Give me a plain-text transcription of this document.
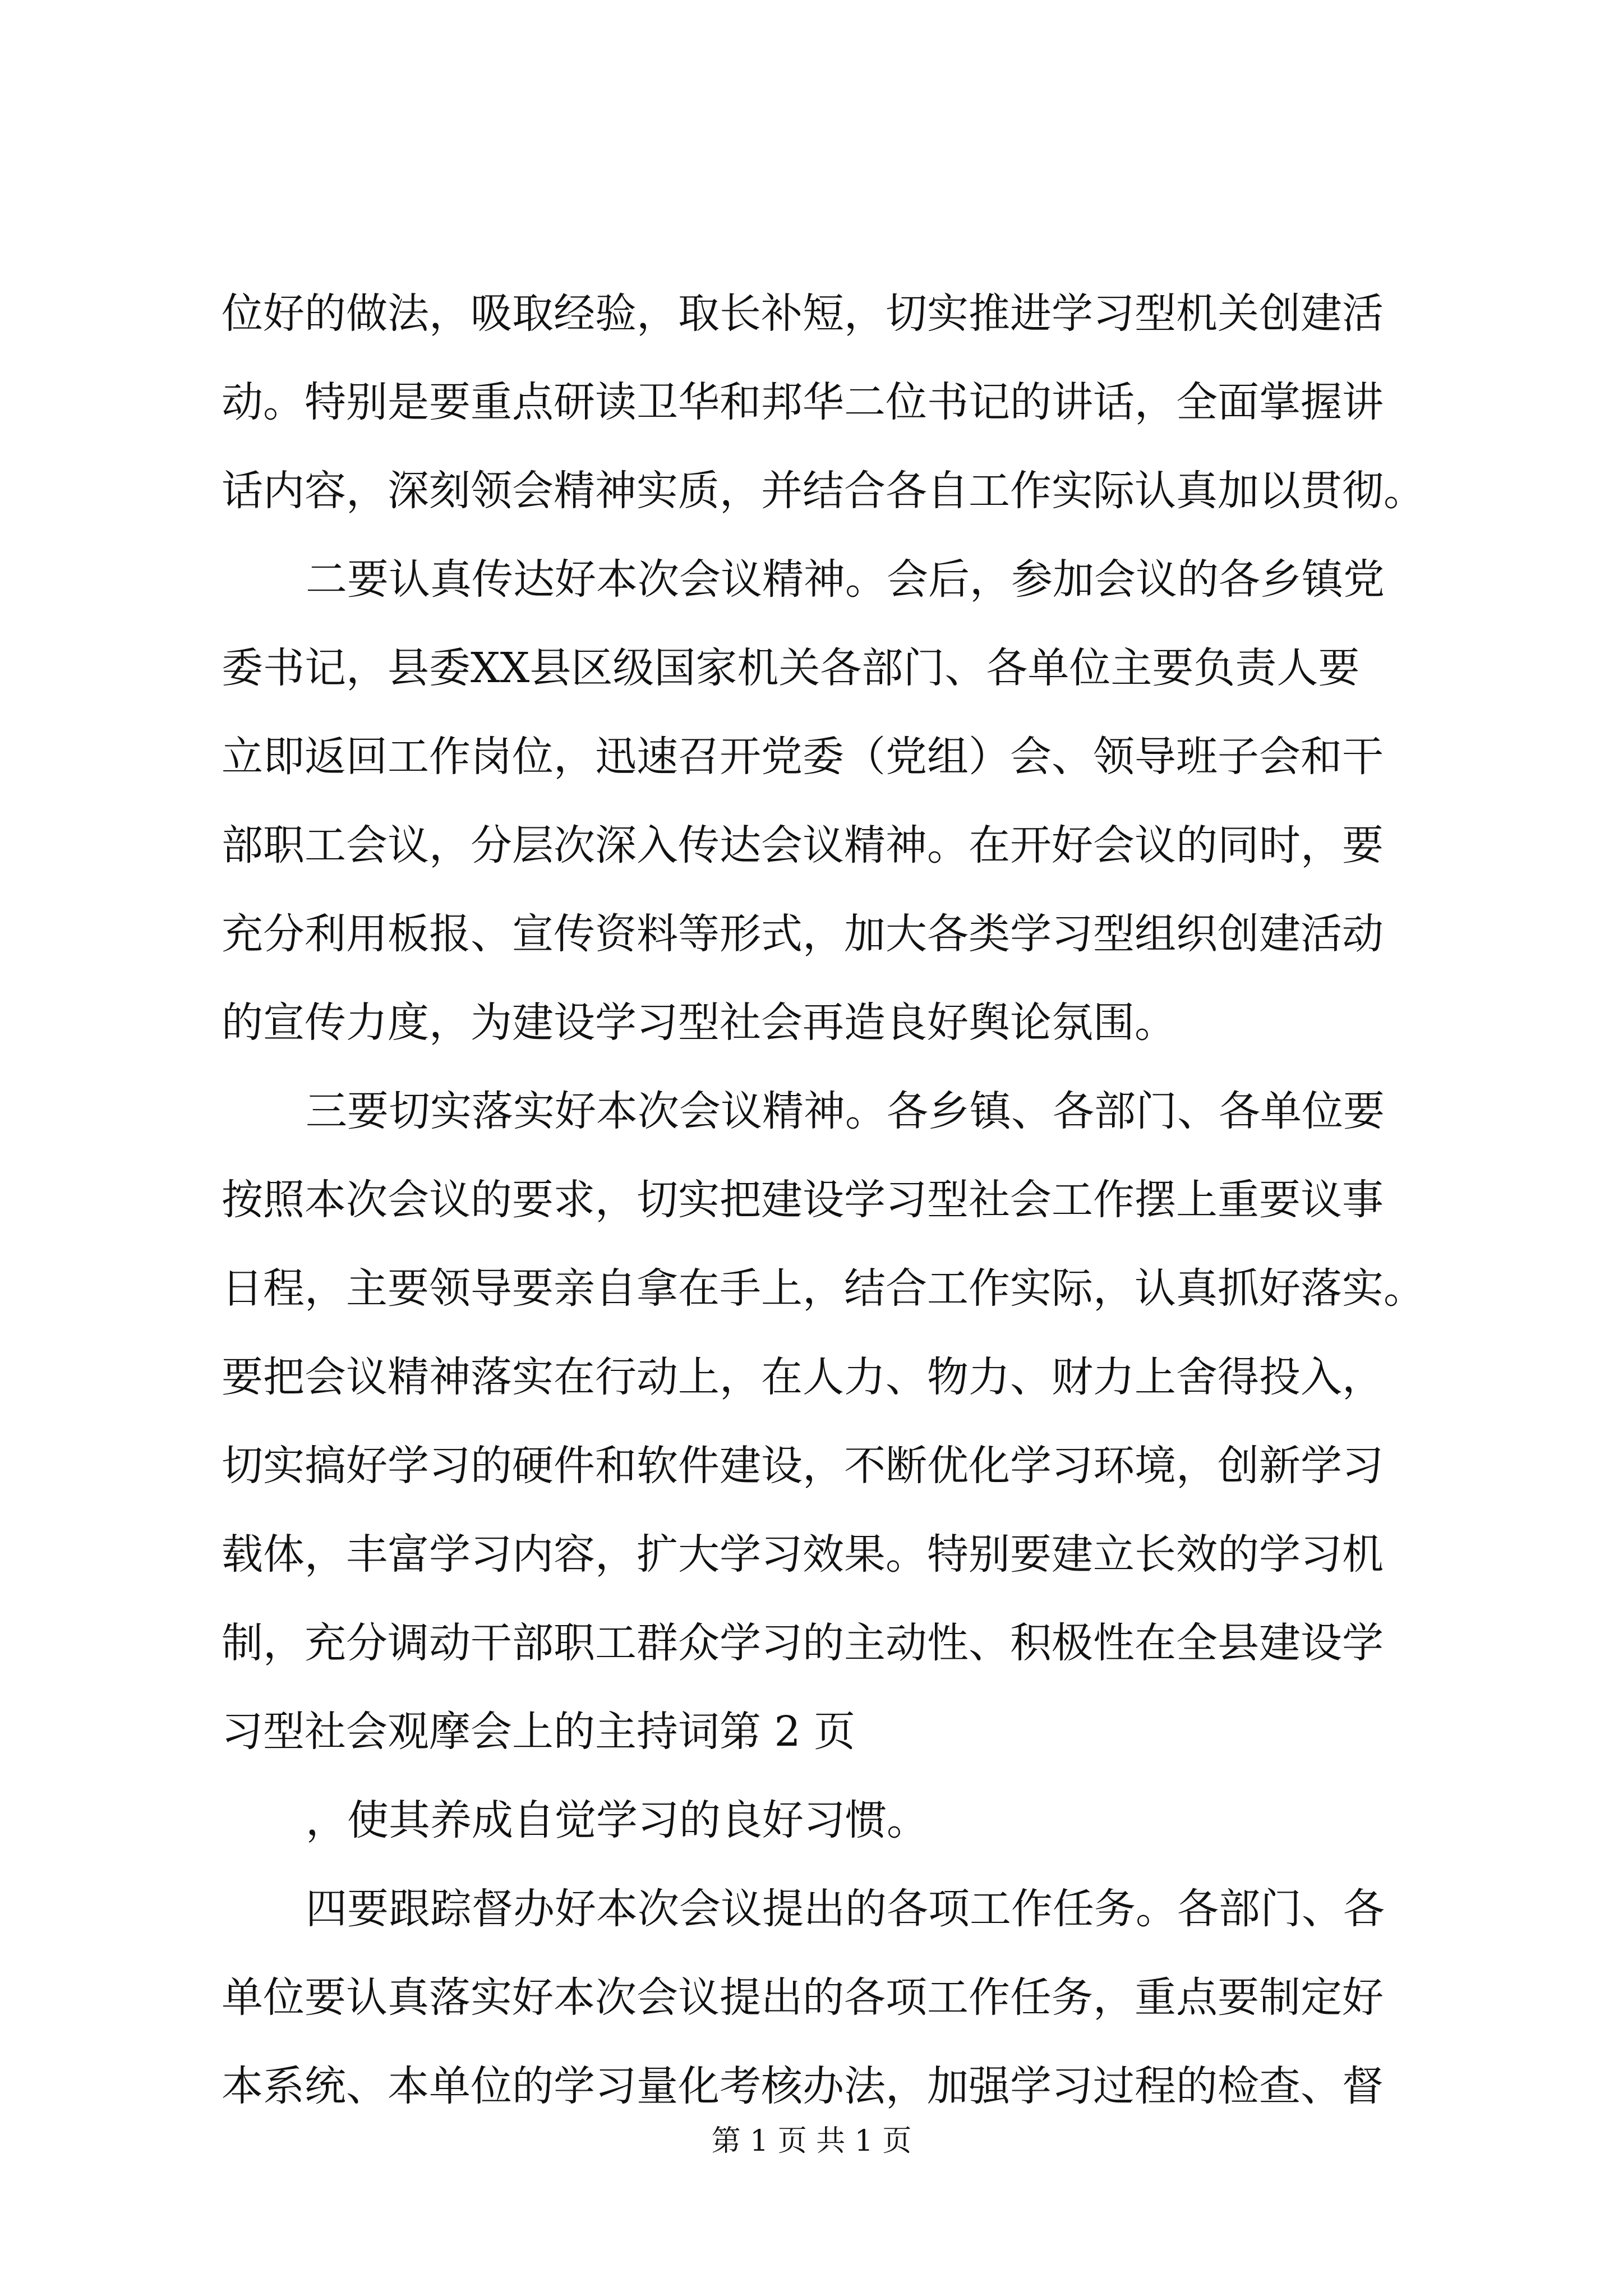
位好的做法，吸取经验，取长补短，切实推进学习型机关创建活
动。特别是要重点研读卫华和邦华二位书记的讲话，全面掌握讲
话内容，深刻领会精神实质，并结合各自工作实际认真加以贯彻。
二要认真传达好本次会议精神。会后，参加会议的各乡镇党
委书记，县委XX县区级国家机关各部门、各单位主要负责人要
立即返回工作岗位，迅速召开党委（党组）会、领导班子会和干
部职工会议，分层次深入传达会议精神。在开好会议的同时，要
充分利用板报、宣传资料等形式，加大各类学习型组织创建活动
的宣传力度，为建设学习型社会再造良好舆论氛围。
三要切实落实好本次会议精神。各乡镇、各部门、各单位要
按照本次会议的要求，切实把建设学习型社会工作摆上重要议事
日程，主要领导要亲自拿在手上，结合工作实际，认真抓好落实。
要把会议精神落实在行动上，在人力、物力、财力上舍得投入，
切实搞好学习的硬件和软件建设，不断优化学习环境，创新学习
载体，丰富学习内容，扩大学习效果。特别要建立长效的学习机
制，充分调动干部职工群众学习的主动性、积极性在全县建设学
习型社会观摩会上的主持词第 2 页
，使其养成自觉学习的良好习惯。
四要跟踪督办好本次会议提出的各项工作任务。各部门、各
单位要认真落实好本次会议提出的各项工作任务，重点要制定好
本系统、本单位的学习量化考核办法，加强学习过程的检查、督
第 1 页 共 1 页
